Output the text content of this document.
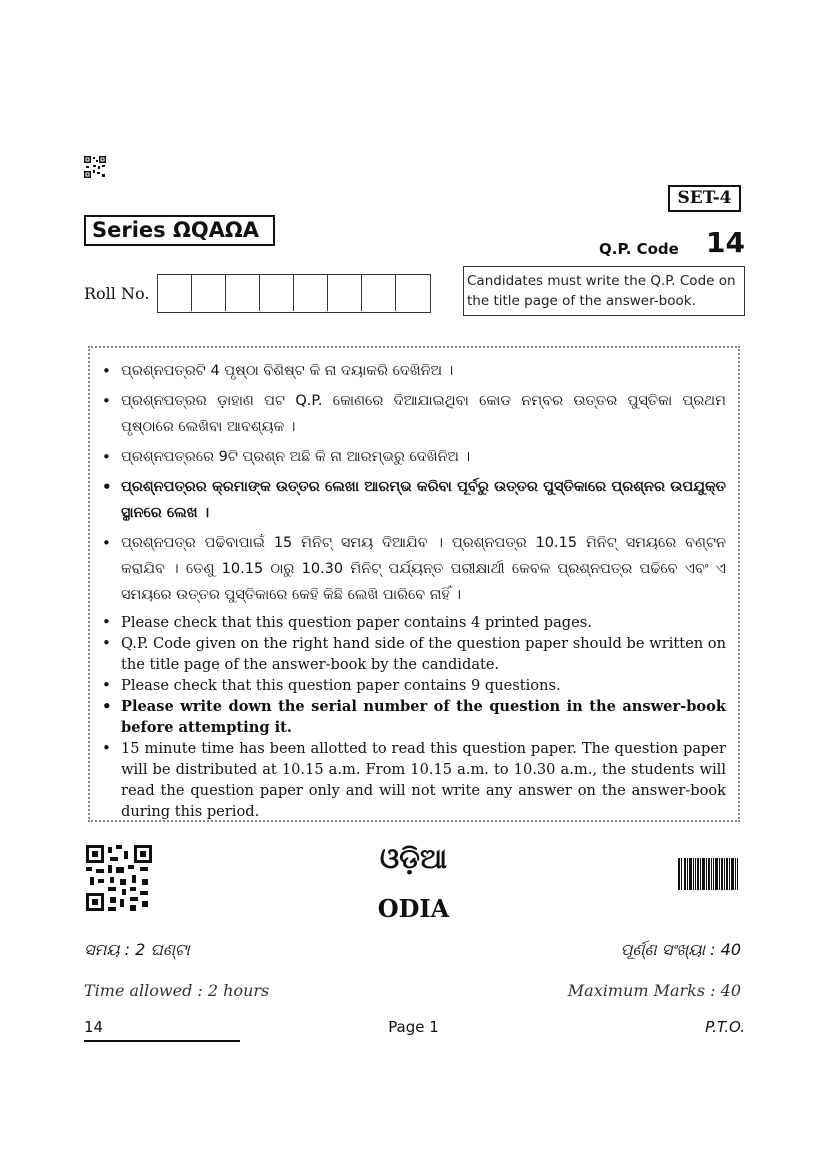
SET-4
Series ΩQAΩA
Q.P. Code 14
Roll No.
Candidates must write the Q.P. Code on the title page of the answer-book.
• ପ୍ରଶ୍ନପତ୍ରଟି 4 ପୃଷ୍ଠା ବିଶିଷ୍ଟ କି ନା ଦୟାକରି ଦେଖିନିଅ ।
• ପ୍ରଶ୍ନପତ୍ରର ଡ଼ାହାଣ ପଟ Q.P. କୋଣରେ ଦିଆଯାଇଥିବା କୋଡ ନମ୍ବର ଉତ୍ତର ପୁସ୍ତିକା ପ୍ରଥମ ପୃଷ୍ଠାରେ ଲେଖିବା ଆବଶ୍ୟକ ।
• ପ୍ରଶ୍ନପତ୍ରରେ 9ଟି ପ୍ରଶ୍ନ ଅଛି କି ନା ଆରମ୍ଭରୁ ଦେଖିନିଅ ।
• ପ୍ରଶ୍ନପତ୍ରର କ୍ରମାଙ୍କ ଉତ୍ତର ଲେଖା ଆରମ୍ଭ କରିବା ପୂର୍ବରୁ ଉତ୍ତର ପୁସ୍ତିକାରେ ପ୍ରଶ୍ନର ଉପଯୁକ୍ତ ସ୍ଥାନରେ ଲେଖ ।
• ପ୍ରଶ୍ନପତ୍ର ପଢିବାପାଇଁ 15 ମିନିଟ୍ ସମୟ ଦିଆଯିବ । ପ୍ରଶ୍ନପତ୍ର 10.15 ମିନିଟ୍ ସମୟରେ ବଣ୍ଟନ କରାଯିବ । ତେଣୁ 10.15 ଠାରୁ 10.30 ମିନିଟ୍ ପର୍ଯ୍ୟନ୍ତ ପରୀକ୍ଷାର୍ଥୀ କେବଳ ପ୍ରଶ୍ନପତ୍ର ପଢିବେ ଏବଂ ଏ ସମୟରେ ଉତ୍ତର ପୁସ୍ତିକାରେ କେହି କିଛି ଲେଖି ପାରିବେ ନାହିଁ ।
• Please check that this question paper contains 4 printed pages.
• Q.P. Code given on the right hand side of the question paper should be written on the title page of the answer-book by the candidate.
• Please check that this question paper contains 9 questions.
• Please write down the serial number of the question in the answer-book before attempting it.
• 15 minute time has been allotted to read this question paper. The question paper will be distributed at 10.15 a.m. From 10.15 a.m. to 10.30 a.m., the students will read the question paper only and will not write any answer on the answer-book during this period.
ଓଡ଼ିଆ
ODIA
ସମୟ : 2 ଘଣ୍ଟା	ପୂର୍ଣ୍ଣ ସଂଖ୍ୟା : 40
Time allowed : 2 hours	Maximum Marks : 40
14	Page 1	P.T.O.
